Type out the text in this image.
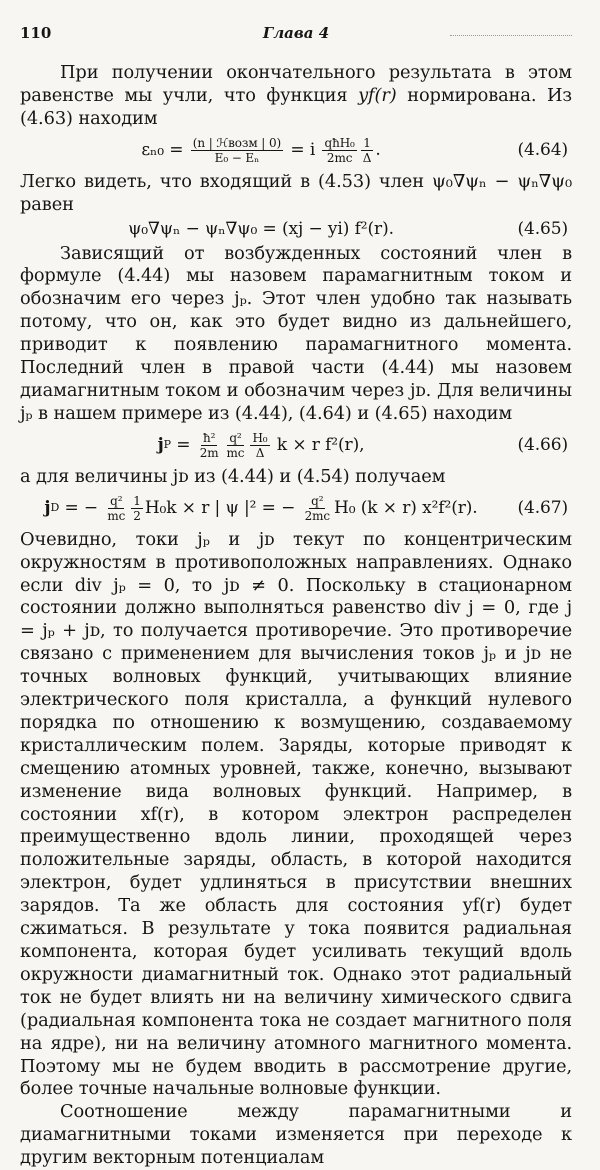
110	Глава 4

При получении окончательного результата в этом равенстве мы учли, что функция yf(r) нормирована. Из (4.63) находим

εₙ₀ =
$\frac{\text{(n | ℋвозм | 0)}}{\text{E₀ − Eₙ}}$
= i
$\frac{\text{qħH₀}}{2mc} \frac{1}{\Delta}$ .	(4.64)

Легко видеть, что входящий в (4.53) член ψ₀∇ψₙ − ψₙ∇ψ₀ равен

ψ₀∇ψₙ − ψₙ∇ψ₀ = (xj − yi) f²(r).	(4.65)

Зависящий от возбужденных состояний член в формуле (4.44) мы назовем парамагнитным током и обозначим его через jₚ. Этот член удобно так называть потому, что он, как это будет видно из дальнейшего, приводит к появлению парамагнитного момента. Последний член в правой части (4.44) мы назовем диамагнитным током и обозначим через jᴅ. Для величины jₚ в нашем примере из (4.44), (4.64) и (4.65) находим

j $P = \frac{\text{ħ²}}{2m} \frac{\text{q²}}{mc} \frac{\text{H₀}}{\Delta}$
k × r f²(r),	(4.66)

а для величины jᴅ из (4.44) и (4.54) получаем

j D = − $\frac{\text{q²}}{mc} \frac{1}{2} H_0k \times r$ | ψ |² = − $\frac{\text{q²}}{2mc} H_0$ (k × r) x²f²(r). (4.67)

Очевидно, токи jₚ и jᴅ текут по концентрическим окружностям в противоположных направлениях. Однако если div jₚ = 0, то jᴅ ≠ 0. Поскольку в стационарном состоянии должно выполняться равенство div j = 0, где j = jₚ + jᴅ, то получается противоречие. Это противоречие связано с применением для вычисления токов jₚ и jᴅ не точных волновых функций, учитывающих влияние электрического поля кристалла, а функций нулевого порядка по отношению к возмущению, создаваемому кристаллическим полем. Заряды, которые приводят к смещению атомных уровней, также, конечно, вызывают изменение вида волновых функций. Например, в состоянии xf(r), в котором электрон распределен преимущественно вдоль линии, проходящей через положительные заряды, область, в которой находится электрон, будет удлиняться в присутствии внешних зарядов. Та же область для состояния yf(r) будет сжиматься. В результате у тока появится радиальная компонента, которая будет усиливать текущий вдоль окружности диамагнитный ток. Однако этот радиальный ток не будет влиять ни на величину химического сдвига (радиальная компонента тока не создает магнитного поля на ядре), ни на величину атомного магнитного момента. Поэтому мы не будем вводить в рассмотрение другие, более точные начальные волновые функции.

Соотношение между парамагнитными и диамагнитными токами изменяется при переходе к другим векторным потенциалам
